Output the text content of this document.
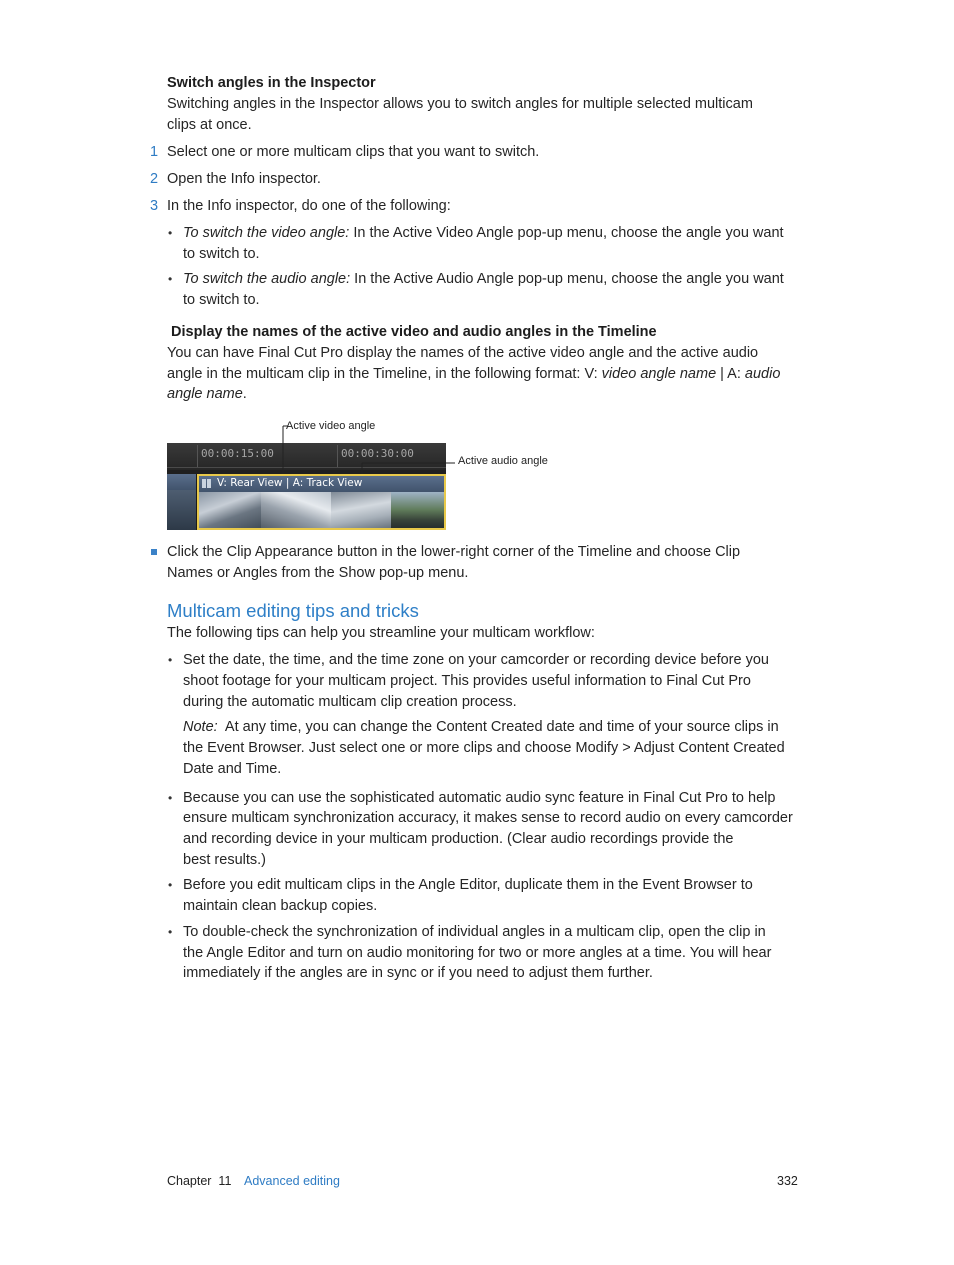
Switch angles in the Inspector
Switching angles in the Inspector allows you to switch angles for multiple selected multicam
clips at once.
1 Select one or more multicam clips that you want to switch.
2 Open the Info inspector.
3 In the Info inspector, do one of the following:
• To switch the video angle: In the Active Video Angle pop-up menu, choose the angle you want
to switch to.
• To switch the audio angle: In the Active Audio Angle pop-up menu, choose the angle you want
to switch to.
Display the names of the active video and audio angles in the Timeline
You can have Final Cut Pro display the names of the active video angle and the active audio
angle in the multicam clip in the Timeline, in the following format: V: video angle name | A: audio
angle name.
Active video angle
Active audio angle
00:00:15:00	00:00:30:00
V: Rear View | A: Track View
Click the Clip Appearance button in the lower-right corner of the Timeline and choose Clip
Names or Angles from the Show pop-up menu.
Multicam editing tips and tricks
The following tips can help you streamline your multicam workflow:
• Set the date, the time, and the time zone on your camcorder or recording device before you
shoot footage for your multicam project. This provides useful information to Final Cut Pro
during the automatic multicam clip creation process.
Note:  At any time, you can change the Content Created date and time of your source clips in
the Event Browser. Just select one or more clips and choose Modify > Adjust Content Created
Date and Time.
• Because you can use the sophisticated automatic audio sync feature in Final Cut Pro to help
ensure multicam synchronization accuracy, it makes sense to record audio on every camcorder
and recording device in your multicam production. (Clear audio recordings provide the
best results.)
• Before you edit multicam clips in the Angle Editor, duplicate them in the Event Browser to
maintain clean backup copies.
• To double-check the synchronization of individual angles in a multicam clip, open the clip in
the Angle Editor and turn on audio monitoring for two or more angles at a time. You will hear
immediately if the angles are in sync or if you need to adjust them further.
Chapter  11 Advanced editing	332
